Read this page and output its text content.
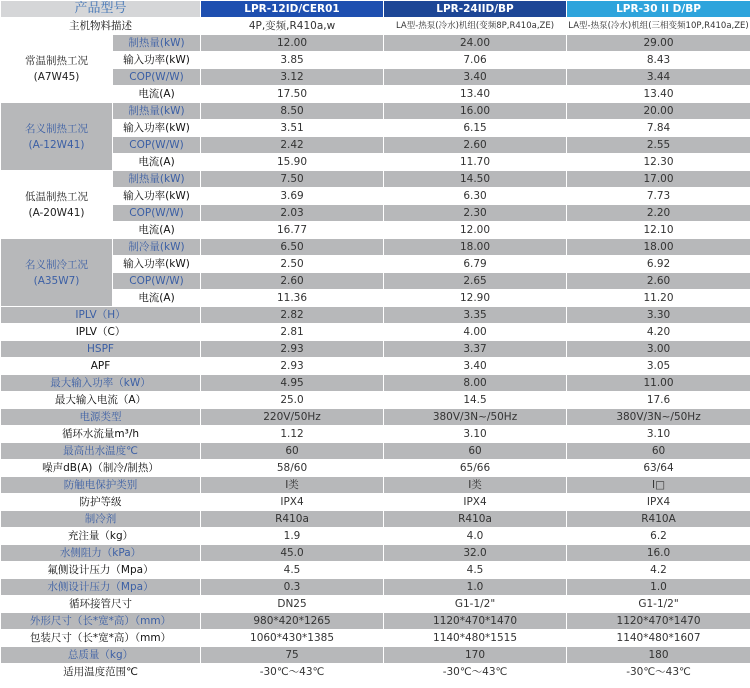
产品型号		LPR-12ID/CER01	LPR-24IID/BP	LPR-30 II D/BP
主机物料描述		4P,变频,R410a,w	LA型-热泵(冷水)机组(变频8P,R410a,ZE)	LA型-热泵(冷水)机组(三相变频10P,R410a,ZE)
常温制热工况
(A7W45)	制热量(kW)	12.00	24.00	29.00
	输入功率(kW)	3.85	7.06	8.43
	COP(W/W)	3.12	3.40	3.44
	电流(A)	17.50	13.40	13.40
名义制热工况
(A-12W41)	制热量(kW)	8.50	16.00	20.00
	输入功率(kW)	3.51	6.15	7.84
	COP(W/W)	2.42	2.60	2.55
	电流(A)	15.90	11.70	12.30
低温制热工况
(A-20W41)	制热量(kW)	7.50	14.50	17.00
	输入功率(kW)	3.69	6.30	7.73
	COP(W/W)	2.03	2.30	2.20
	电流(A)	16.77	12.00	12.10
名义制冷工况
(A35W7)	制冷量(kW)	6.50	18.00	18.00
	输入功率(kW)	2.50	6.79	6.92
	COP(W/W)	2.60	2.65	2.60
	电流(A)	11.36	12.90	11.20
IPLV（H）		2.82	3.35	3.30
IPLV（C）		2.81	4.00	4.20
HSPF		2.93	3.37	3.00
APF		2.93	3.40	3.05
最大输入功率（kW）		4.95	8.00	11.00
最大输入电流（A）		25.0	14.5	17.6
电源类型		220V/50Hz	380V/3N~/50Hz	380V/3N~/50Hz
循环水流量m³/h		1.12	3.10	3.10
最高出水温度℃		60	60	60
噪声dB(A)（制冷/制热）		58/60	65/66	63/64
防触电保护类别		I类	I类	I□
防护等级		IPX4	IPX4	IPX4
制冷剂		R410a	R410a	R410A
充注量（kg）		1.9	4.0	6.2
水侧阻力（kPa）		45.0	32.0	16.0
氟侧设计压力（Mpa）		4.5	4.5	4.2
水侧设计压力（Mpa）		0.3	1.0	1.0
循环接管尺寸		DN25	G1-1/2"	G1-1/2"
外形尺寸（长*宽*高）（mm）		980*420*1265	1120*470*1470	1120*470*1470
包装尺寸（长*宽*高）（mm）		1060*430*1385	1140*480*1515	1140*480*1607
总质量（kg）		75	170	180
适用温度范围℃		-30℃～43℃	-30℃～43℃	-30℃～43℃
